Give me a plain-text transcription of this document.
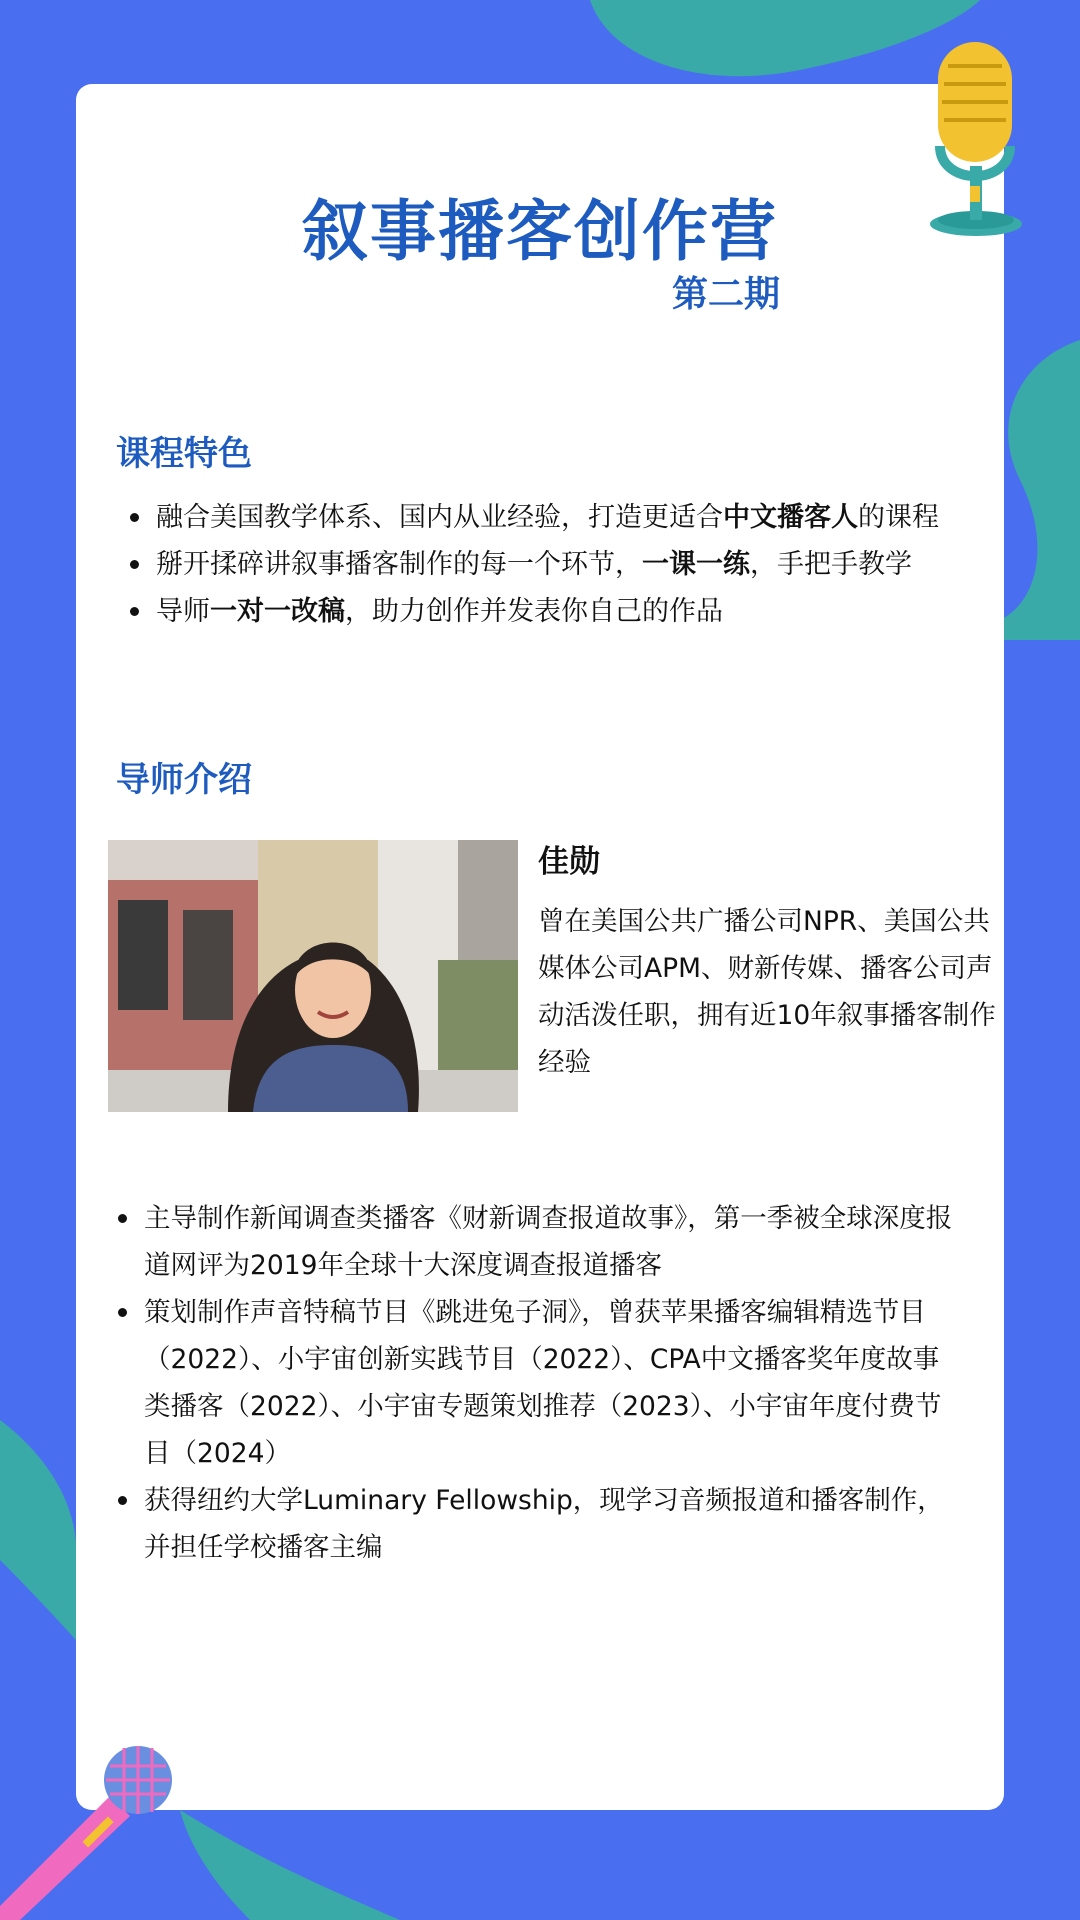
叙事播客创作营
第二期
课程特色
融合美国教学体系、国内从业经验，打造更适合中文播客人的课程
掰开揉碎讲叙事播客制作的每一个环节，一课一练，手把手教学
导师一对一改稿，助力创作并发表你自己的作品
导师介绍
佳勋
曾在美国公共广播公司NPR、美国公共媒体公司APM、财新传媒、播客公司声动活泼任职，拥有近10年叙事播客制作经验
主导制作新闻调查类播客《财新调查报道故事》，第一季被全球深度报道网评为2019年全球十大深度调查报道播客
策划制作声音特稿节目《跳进兔子洞》，曾获苹果播客编辑精选节目（2022）、小宇宙创新实践节目（2022）、CPA中文播客奖年度故事类播客（2022）、小宇宙专题策划推荐（2023）、小宇宙年度付费节目（2024）
获得纽约大学Luminary Fellowship，现学习音频报道和播客制作，并担任学校播客主编
